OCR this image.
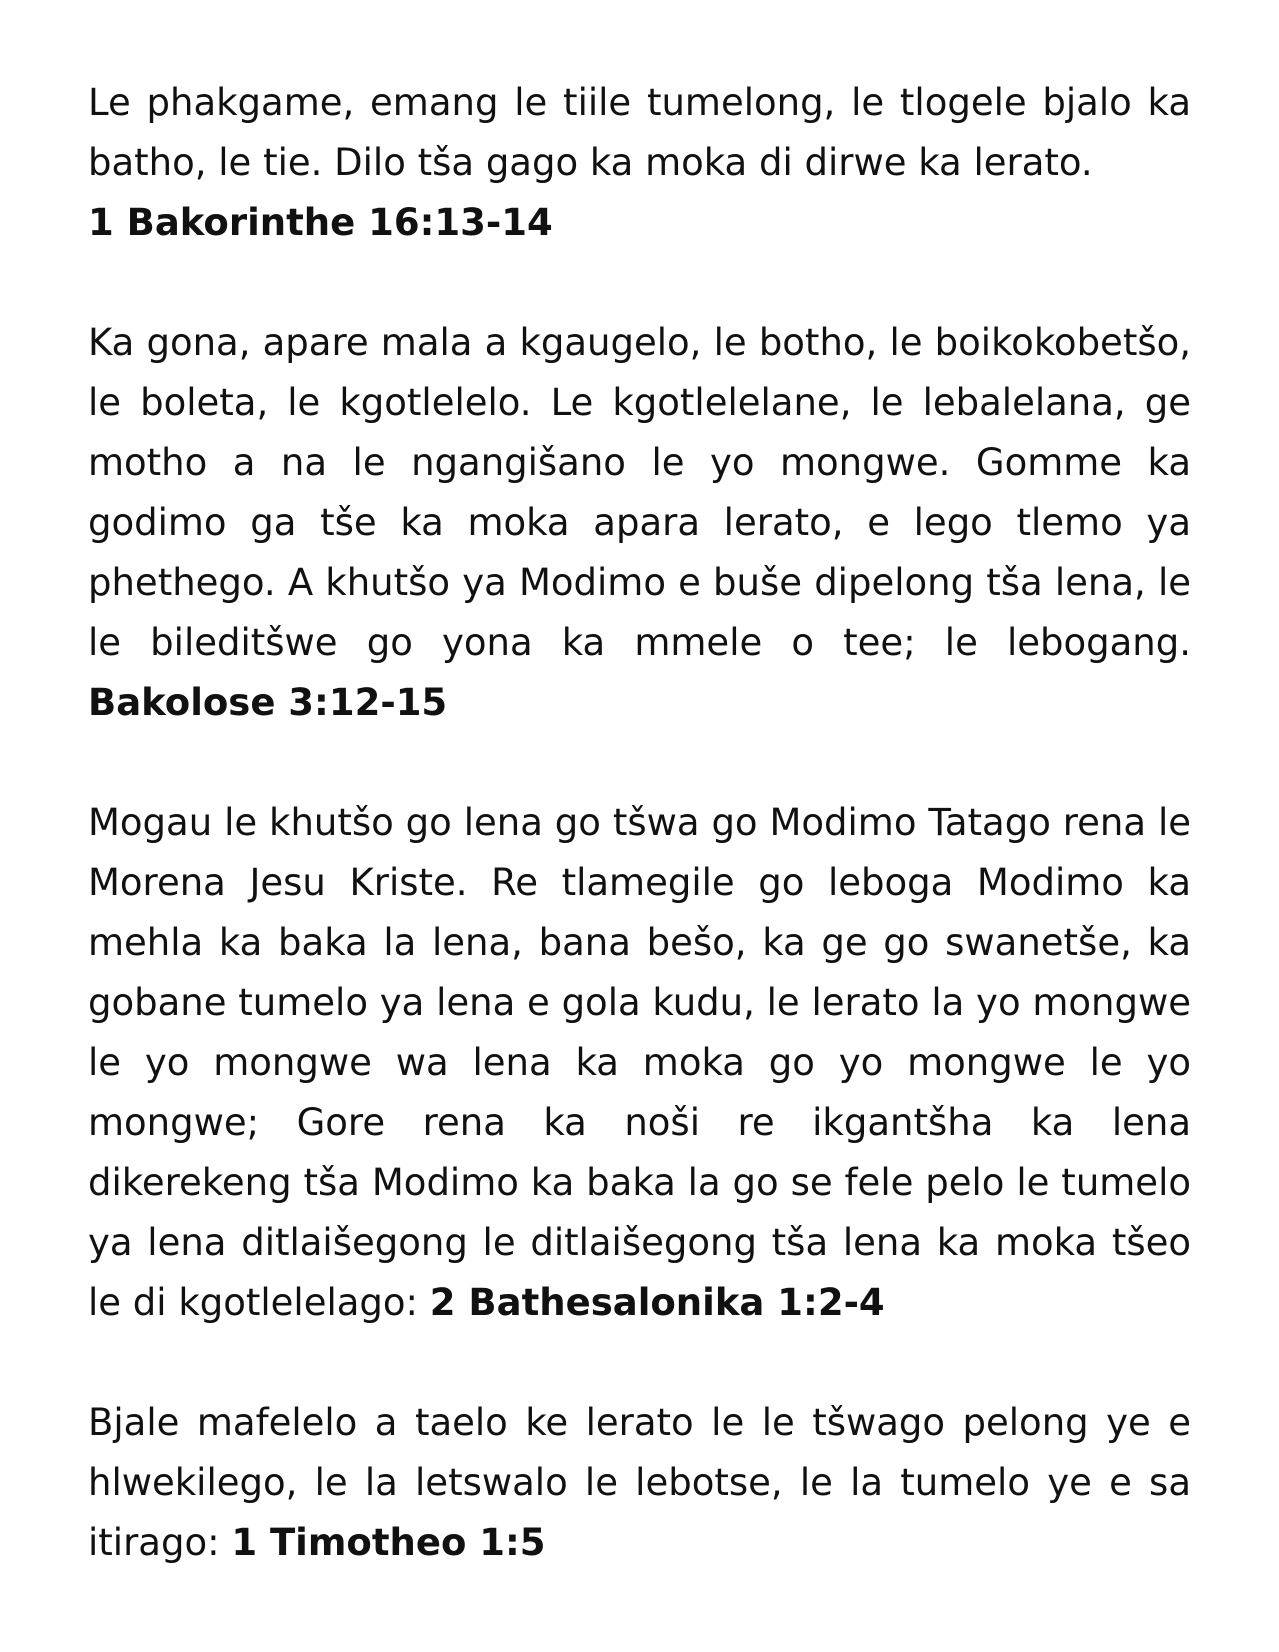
Le phakgame, emang le tiile tumelong, le tlogele bjalo ka batho, le tie. Dilo tša gago ka moka di dirwe ka lerato.
1 Bakorinthe 16:13-14

Ka gona, apare mala a kgaugelo, le botho, le boikokobetšo, le boleta, le kgotlelelo. Le kgotlelelane, le lebalelana, ge motho a na le ngangišano le yo mongwe. Gomme ka godimo ga tše ka moka apara lerato, e lego tlemo ya phethego. A khutšo ya Modimo e buše dipelong tša lena, le le bileditšwe go yona ka mmele o tee; le lebogang. Bakolose 3:12-15

Mogau le khutšo go lena go tšwa go Modimo Tatago rena le Morena Jesu Kriste. Re tlamegile go leboga Modimo ka mehla ka baka la lena, bana bešo, ka ge go swanetše, ka gobane tumelo ya lena e gola kudu, le lerato la yo mongwe le yo mongwe wa lena ka moka go yo mongwe le yo mongwe; Gore rena ka noši re ikgantšha ka lena dikerekeng tša Modimo ka baka la go se fele pelo le tumelo ya lena ditlaišegong le ditlaišegong tša lena ka moka tšeo le di kgotlelelago: 2 Bathesalonika 1:2-4

Bjale mafelelo a taelo ke lerato le le tšwago pelong ye e hlwekilego, le la letswalo le lebotse, le la tumelo ye e sa itirago: 1 Timotheo 1:5
